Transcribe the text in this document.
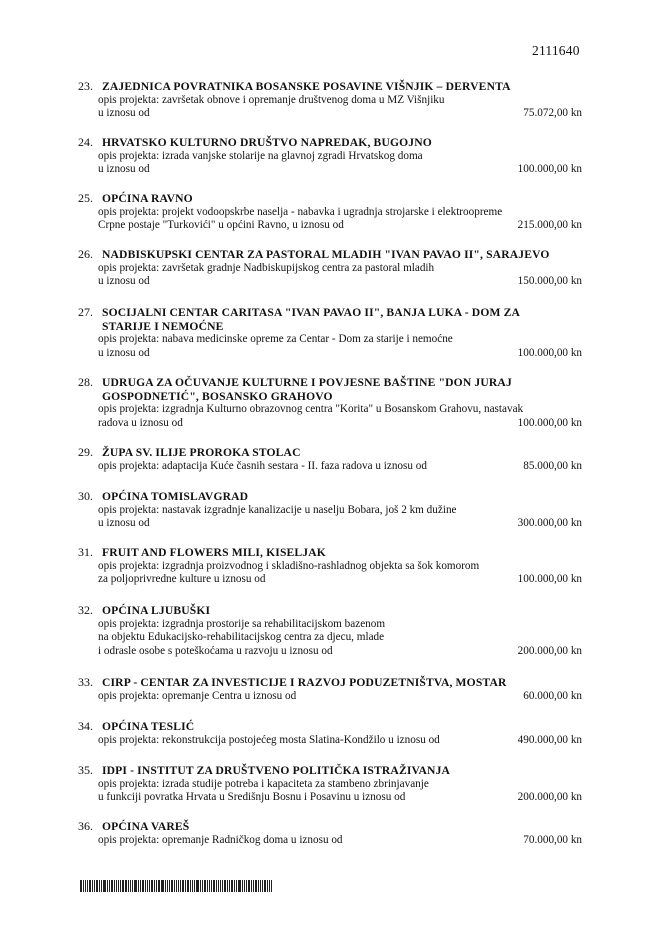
2111640
23. ZAJEDNICA POVRATNIKA BOSANSKE POSAVINE VIŠNJIK – DERVENTA
opis projekta: završetak obnove i opremanje društvenog doma u MZ Višnjiku
u iznosu od	75.072,00 kn
24. HRVATSKO KULTURNO DRUŠTVO NAPREDAK, BUGOJNO
opis projekta: izrada vanjske stolarije na glavnoj zgradi Hrvatskog doma
u iznosu od	100.000,00 kn
25. OPĆINA RAVNO
opis projekta: projekt vodoopskrbe naselja - nabavka i ugradnja strojarske i elektroopreme
Crpne postaje "Turkovići" u općini Ravno, u iznosu od	215.000,00 kn
26. NADBISKUPSKI CENTAR ZA PASTORAL MLADIH "IVAN PAVAO II", SARAJEVO
opis projekta: završetak gradnje Nadbiskupijskog centra za pastoral mladih
u iznosu od	150.000,00 kn
27. SOCIJALNI CENTAR CARITASA "IVAN PAVAO II", BANJA LUKA - DOM ZA
STARIJE I NEMOĆNE
opis projekta: nabava medicinske opreme za Centar - Dom za starije i nemoćne
u iznosu od	100.000,00 kn
28. UDRUGA ZA OČUVANJE KULTURNE I POVJESNE BAŠTINE "DON JURAJ
GOSPODNETIĆ", BOSANSKO GRAHOVO
opis projekta: izgradnja Kulturno obrazovnog centra "Korita" u Bosanskom Grahovu, nastavak
radova u iznosu od	100.000,00 kn
29. ŽUPA SV. ILIJE PROROKA STOLAC
opis projekta: adaptacija Kuće časnih sestara - II. faza radova u iznosu od	85.000,00 kn
30. OPĆINA TOMISLAVGRAD
opis projekta: nastavak izgradnje kanalizacije u naselju Bobara, još 2 km dužine
u iznosu od	300.000,00 kn
31. FRUIT AND FLOWERS MILI, KISELJAK
opis projekta: izgradnja proizvodnog i skladišno-rashladnog objekta sa šok komorom
za poljoprivredne kulture u iznosu od	100.000,00 kn
32. OPĆINA LJUBUŠKI
opis projekta: izgradnja prostorije sa rehabilitacijskom bazenom
na objektu Edukacijsko-rehabilitacijskog centra za djecu, mlade
i odrasle osobe s poteškoćama u razvoju u iznosu od	200.000,00 kn
33. CIRP - CENTAR ZA INVESTICIJE I RAZVOJ PODUZETNIŠTVA, MOSTAR
opis projekta: opremanje Centra u iznosu od	60.000,00 kn
34. OPĆINA TESLIĆ
opis projekta: rekonstrukcija postojećeg mosta Slatina-Kondžilo u iznosu od	490.000,00 kn
35. IDPI - INSTITUT ZA DRUŠTVENO POLITIČKA ISTRAŽIVANJA
opis projekta: izrada studije potreba i kapaciteta za stambeno zbrinjavanje
u funkciji povratka Hrvata u Središnju Bosnu i Posavinu u iznosu od	200.000,00 kn
36. OPĆINA VAREŠ
opis projekta: opremanje Radničkog doma u iznosu od	70.000,00 kn
